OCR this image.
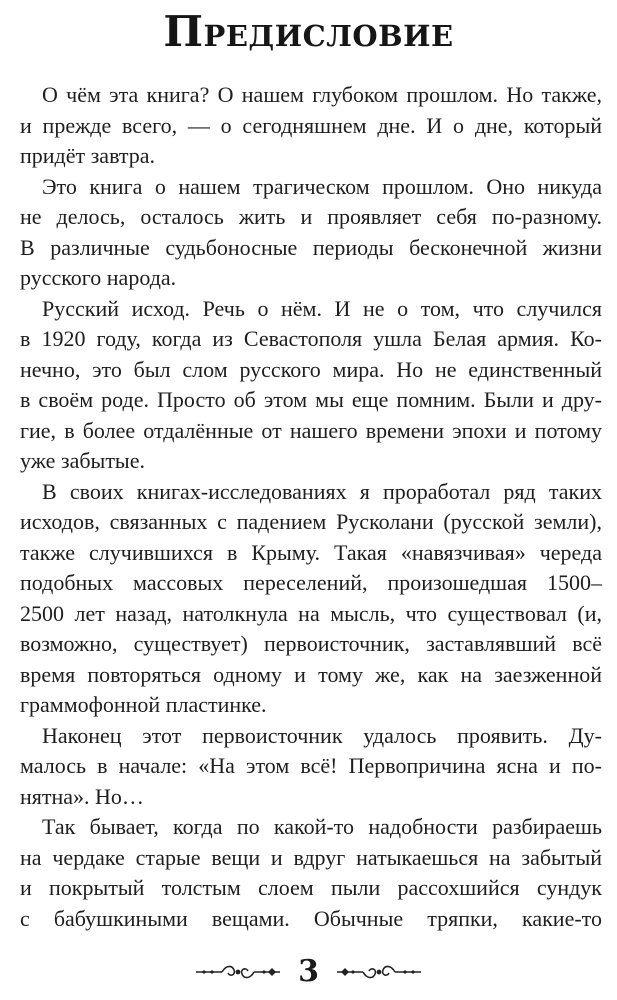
Предисловие
О чём эта книга? О нашем глубоком прошлом. Но также,
и прежде всего, — о сегодняшнем дне. И о дне, который
придёт завтра.
Это книга о нашем трагическом прошлом. Оно никуда
не делось, осталось жить и проявляет себя по-разному.
В различные судьбоносные периоды бесконечной жизни
русского народа.
Русский исход. Речь о нём. И не о том, что случился
в 1920 году, когда из Севастополя ушла Белая армия. Ко-
нечно, это был слом русского мира. Но не единственный
в своём роде. Просто об этом мы еще помним. Были и дру-
гие, в более отдалённые от нашего времени эпохи и потому
уже забытые.
В своих книгах-исследованиях я проработал ряд таких
исходов, связанных с падением Русколани (русской земли),
также случившихся в Крыму. Такая «навязчивая» череда
подобных массовых переселений, произошедшая 1500–
2500 лет назад, натолкнула на мысль, что существовал (и,
возможно, существует) первоисточник, заставлявший всё
время повторяться одному и тому же, как на заезженной
граммофонной пластинке.
Наконец этот первоисточник удалось проявить. Ду-
малось в начале: «На этом всё! Первопричина ясна и по-
нятна». Но…
Так бывает, когда по какой-то надобности разбираешь
на чердаке старые вещи и вдруг натыкаешься на забытый
и покрытый толстым слоем пыли рассохшийся сундук
с бабушкиными вещами. Обычные тряпки, какие-то
3
